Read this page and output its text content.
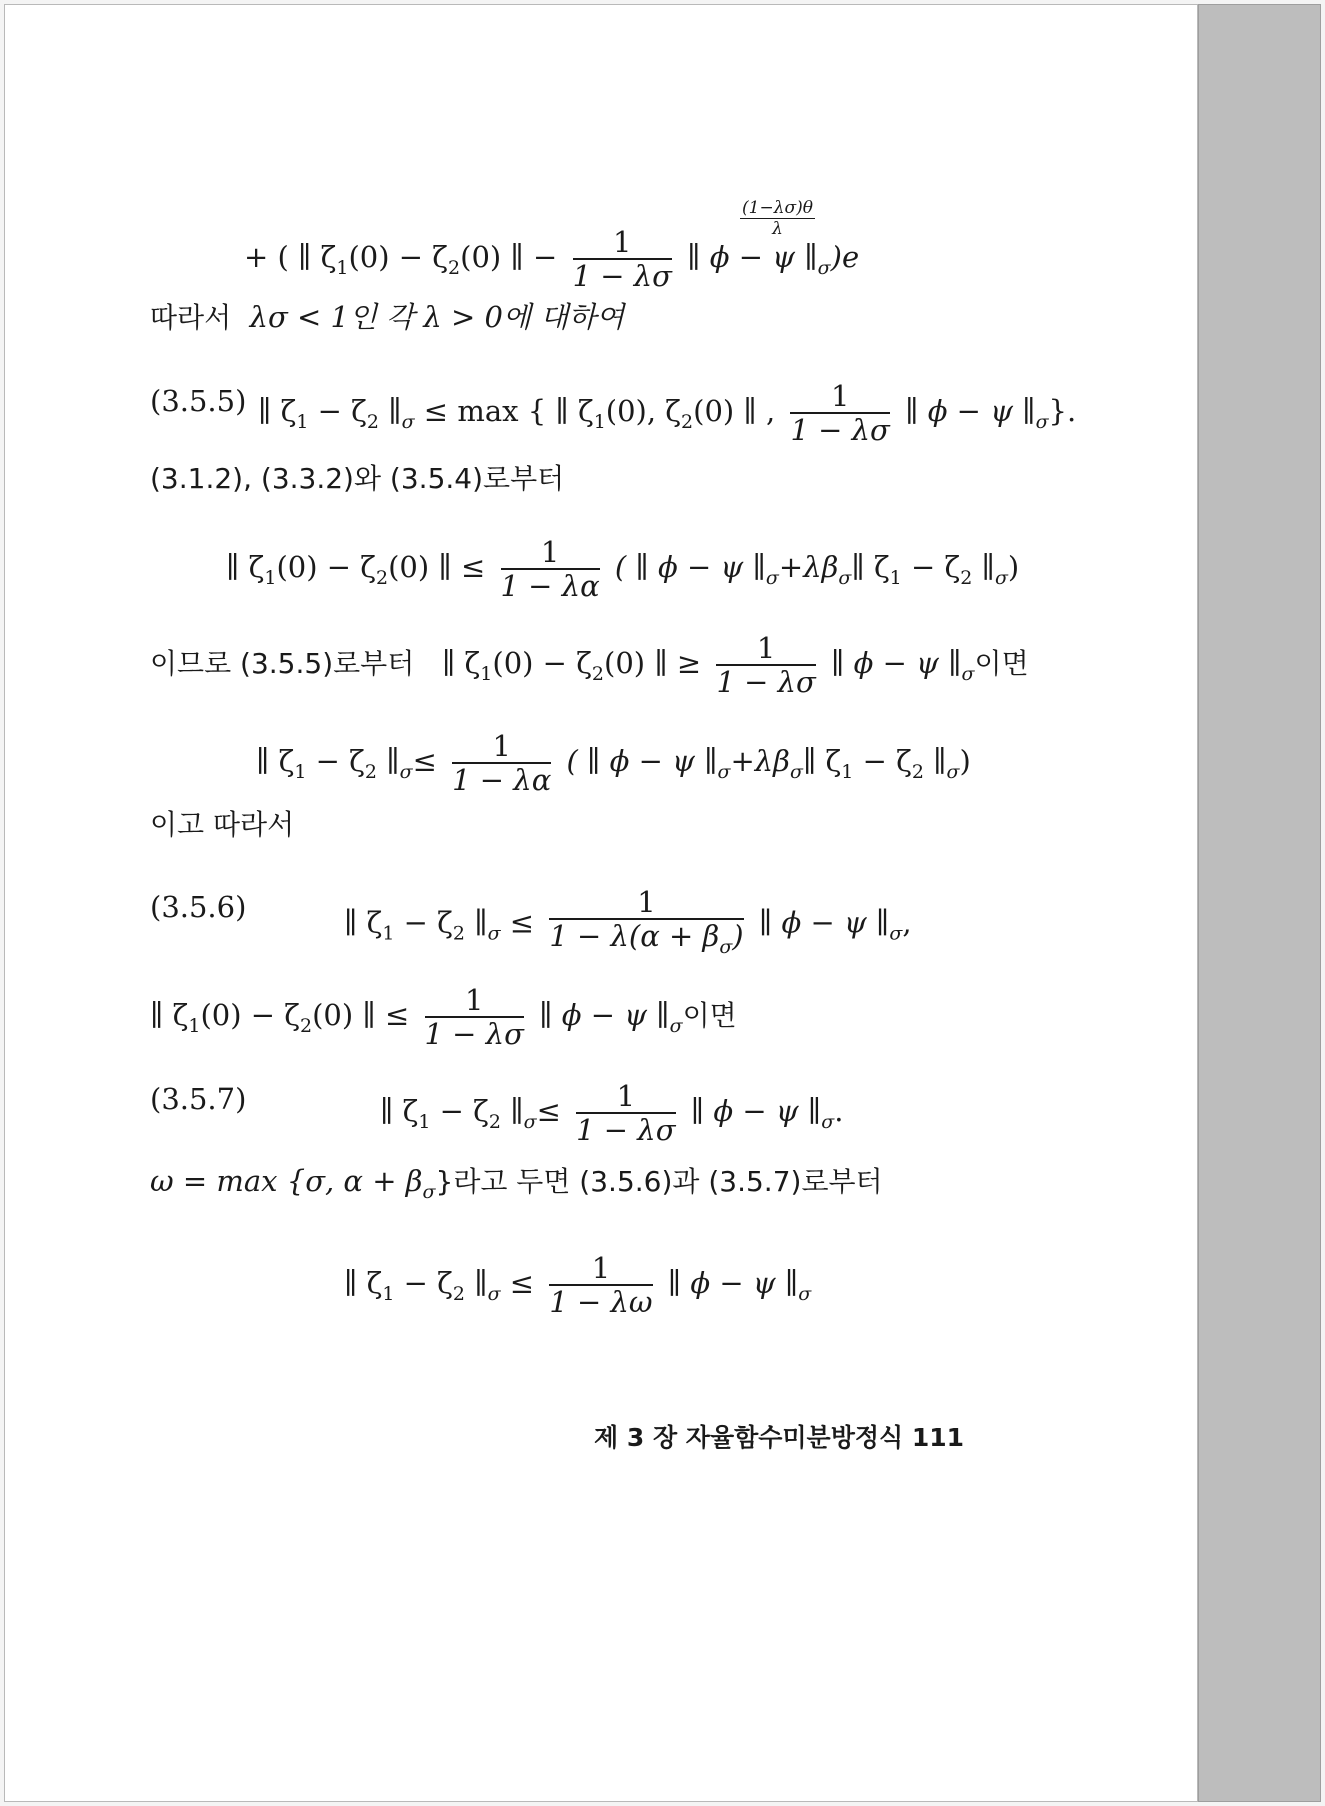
+ ( ∥ $\zeta_1(0) - \zeta_2(0)$ ∥ − $\frac{1}{1 - \lambda\sigma}$ ∥ ϕ − ψ $\parallel_\sigma)e$
$\frac{(1-\lambda\sigma)\theta}{\lambda}$
따라서 λσ < 1인 각 λ > 0에 대하여
(3.5.5) ∥ $\zeta_1 - \zeta_2$ $\parallel_\sigma \le \max$ { ∥ $\zeta_1(0)$, $\zeta_2(0)$ ∥ , $\frac{1}{1 - \lambda\sigma}$ ∥ ϕ − ψ $\parallel_\sigma$}.
(3.1.2), (3.3.2)와 (3.5.4)로부터
∥ $\zeta_1(0) - \zeta_2(0)$ ∥ ≤ $\frac{1}{1 - \lambda\alpha}$ ( ∥ ϕ − ψ $\parallel_\sigma+\lambda\beta_\sigma\parallel$ $\zeta_1 - \zeta_2$ $\parallel_\sigma$)
이므로 (3.5.5)로부터 ∥ $\zeta_1(0) - \zeta_2(0)$ ∥ ≥ $\frac{1}{1 - \lambda\sigma}$ ∥ ϕ − ψ $\parallel_\sigma$이면
∥ $\zeta_1 - \zeta_2$ $\parallel_\sigma\le \frac{1}{1 - \lambda\alpha}$ ( ∥ ϕ − ψ $\parallel_\sigma+\lambda\beta_\sigma\parallel$ $\zeta_1 - \zeta_2$ $\parallel_\sigma$)
이고 따라서
(3.5.6)	∥ $\zeta_1 - \zeta_2$ $\parallel_\sigma \le \frac{1}{1 - \lambda(\alpha + \beta_\sigma)}$ ∥ ϕ − ψ $\parallel_\sigma$,
∥ $\zeta_1(0) - \zeta_2(0)$ ∥ ≤ $\frac{1}{1 - \lambda\sigma}$ ∥ ϕ − ψ $\parallel_\sigma$이면
(3.5.7)	∥ $\zeta_1 - \zeta_2$ $\parallel_\sigma\le \frac{1}{1 - \lambda\sigma}$ ∥ ϕ − ψ $\parallel_\sigma$.
ω = max {σ, $\alpha + \beta_\sigma$}라고 두면 (3.5.6)과 (3.5.7)로부터
∥ $\zeta_1 - \zeta_2$ $\parallel_\sigma \le \frac{1}{1 - \lambda\omega}$ ∥ ϕ − ψ $\parallel_\sigma$
제 3 장 자율함수미분방정식 111
